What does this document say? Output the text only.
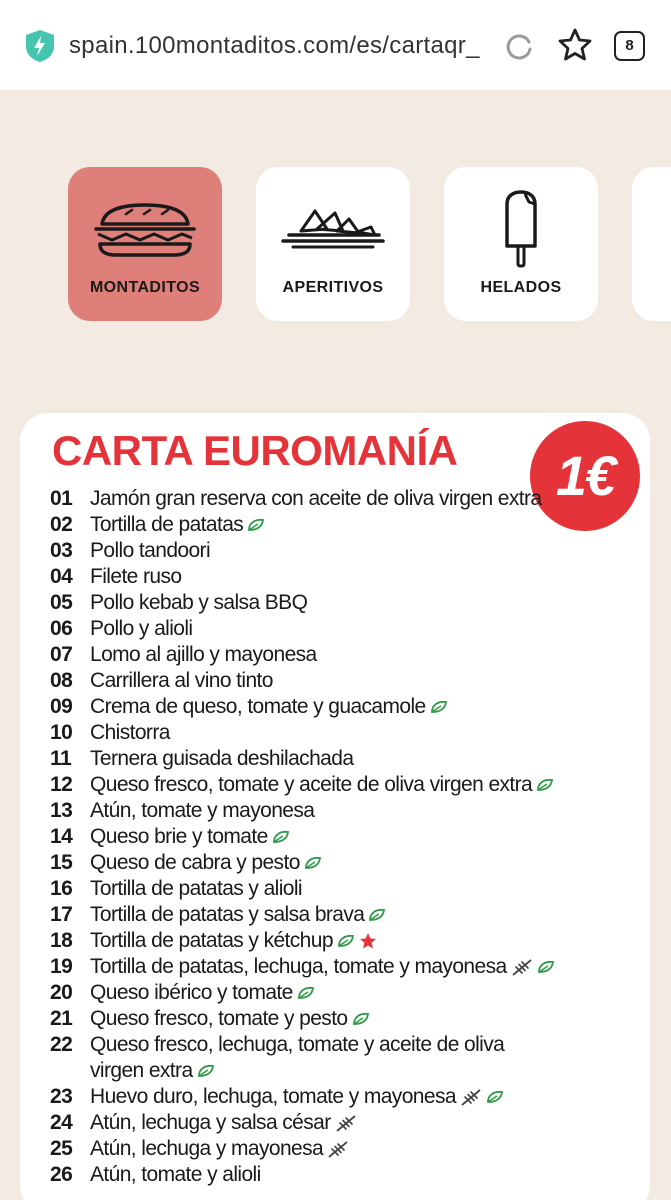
spain.100montaditos.com/es/cartaqr_	8
MONTADITOS	APERITIVOS	HELADOS
CARTA EUROMANÍA	1€
01 Jamón gran reserva con aceite de oliva virgen extra
02 Tortilla de patatas
03 Pollo tandoori
04 Filete ruso
05 Pollo kebab y salsa BBQ
06 Pollo y alioli
07 Lomo al ajillo y mayonesa
08 Carrillera al vino tinto
09 Crema de queso, tomate y guacamole
10 Chistorra
11 Ternera guisada deshilachada
12 Queso fresco, tomate y aceite de oliva virgen extra
13 Atún, tomate y mayonesa
14 Queso brie y tomate
15 Queso de cabra y pesto
16 Tortilla de patatas y alioli
17 Tortilla de patatas y salsa brava
18 Tortilla de patatas y kétchup
19 Tortilla de patatas, lechuga, tomate y mayonesa
20 Queso ibérico y tomate
21 Queso fresco, tomate y pesto
22 Queso fresco, lechuga, tomate y aceite de oliva virgen extra
23 Huevo duro, lechuga, tomate y mayonesa
24 Atún, lechuga y salsa césar
25 Atún, lechuga y mayonesa
26 Atún, tomate y alioli
